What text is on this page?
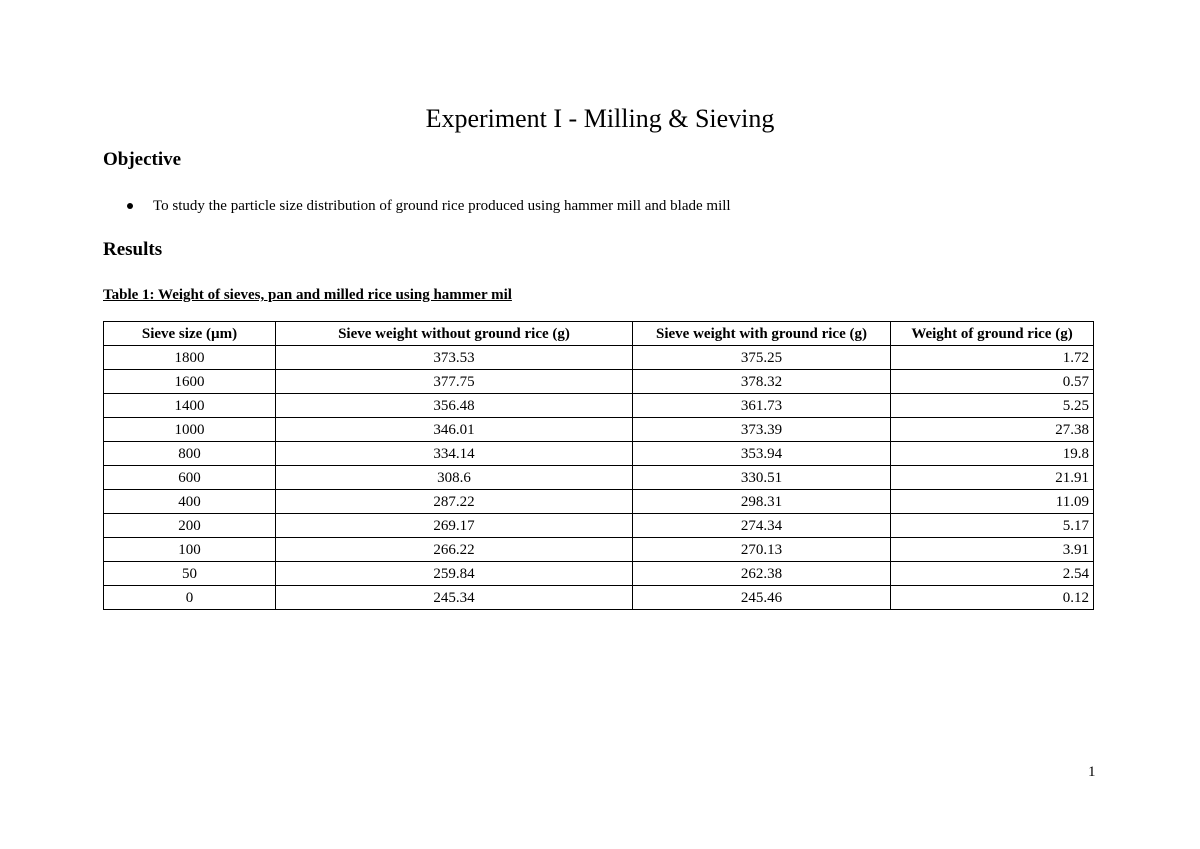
Experiment I - Milling & Sieving
Objective
To study the particle size distribution of ground rice produced using hammer mill and blade mill
Results

Table 1: Weight of sieves, pan and milled rice using hammer mil

Sieve size (µm)	Sieve weight without ground rice (g)	Sieve weight with ground rice (g)	Weight of ground rice (g)
1800	373.53	375.25	1.72
1600	377.75	378.32	0.57
1400	356.48	361.73	5.25
1000	346.01	373.39	27.38
800	334.14	353.94	19.8
600	308.6	330.51	21.91
400	287.22	298.31	11.09
200	269.17	274.34	5.17
100	266.22	270.13	3.91
50	259.84	262.38	2.54
0	245.34	245.46	0.12
1
